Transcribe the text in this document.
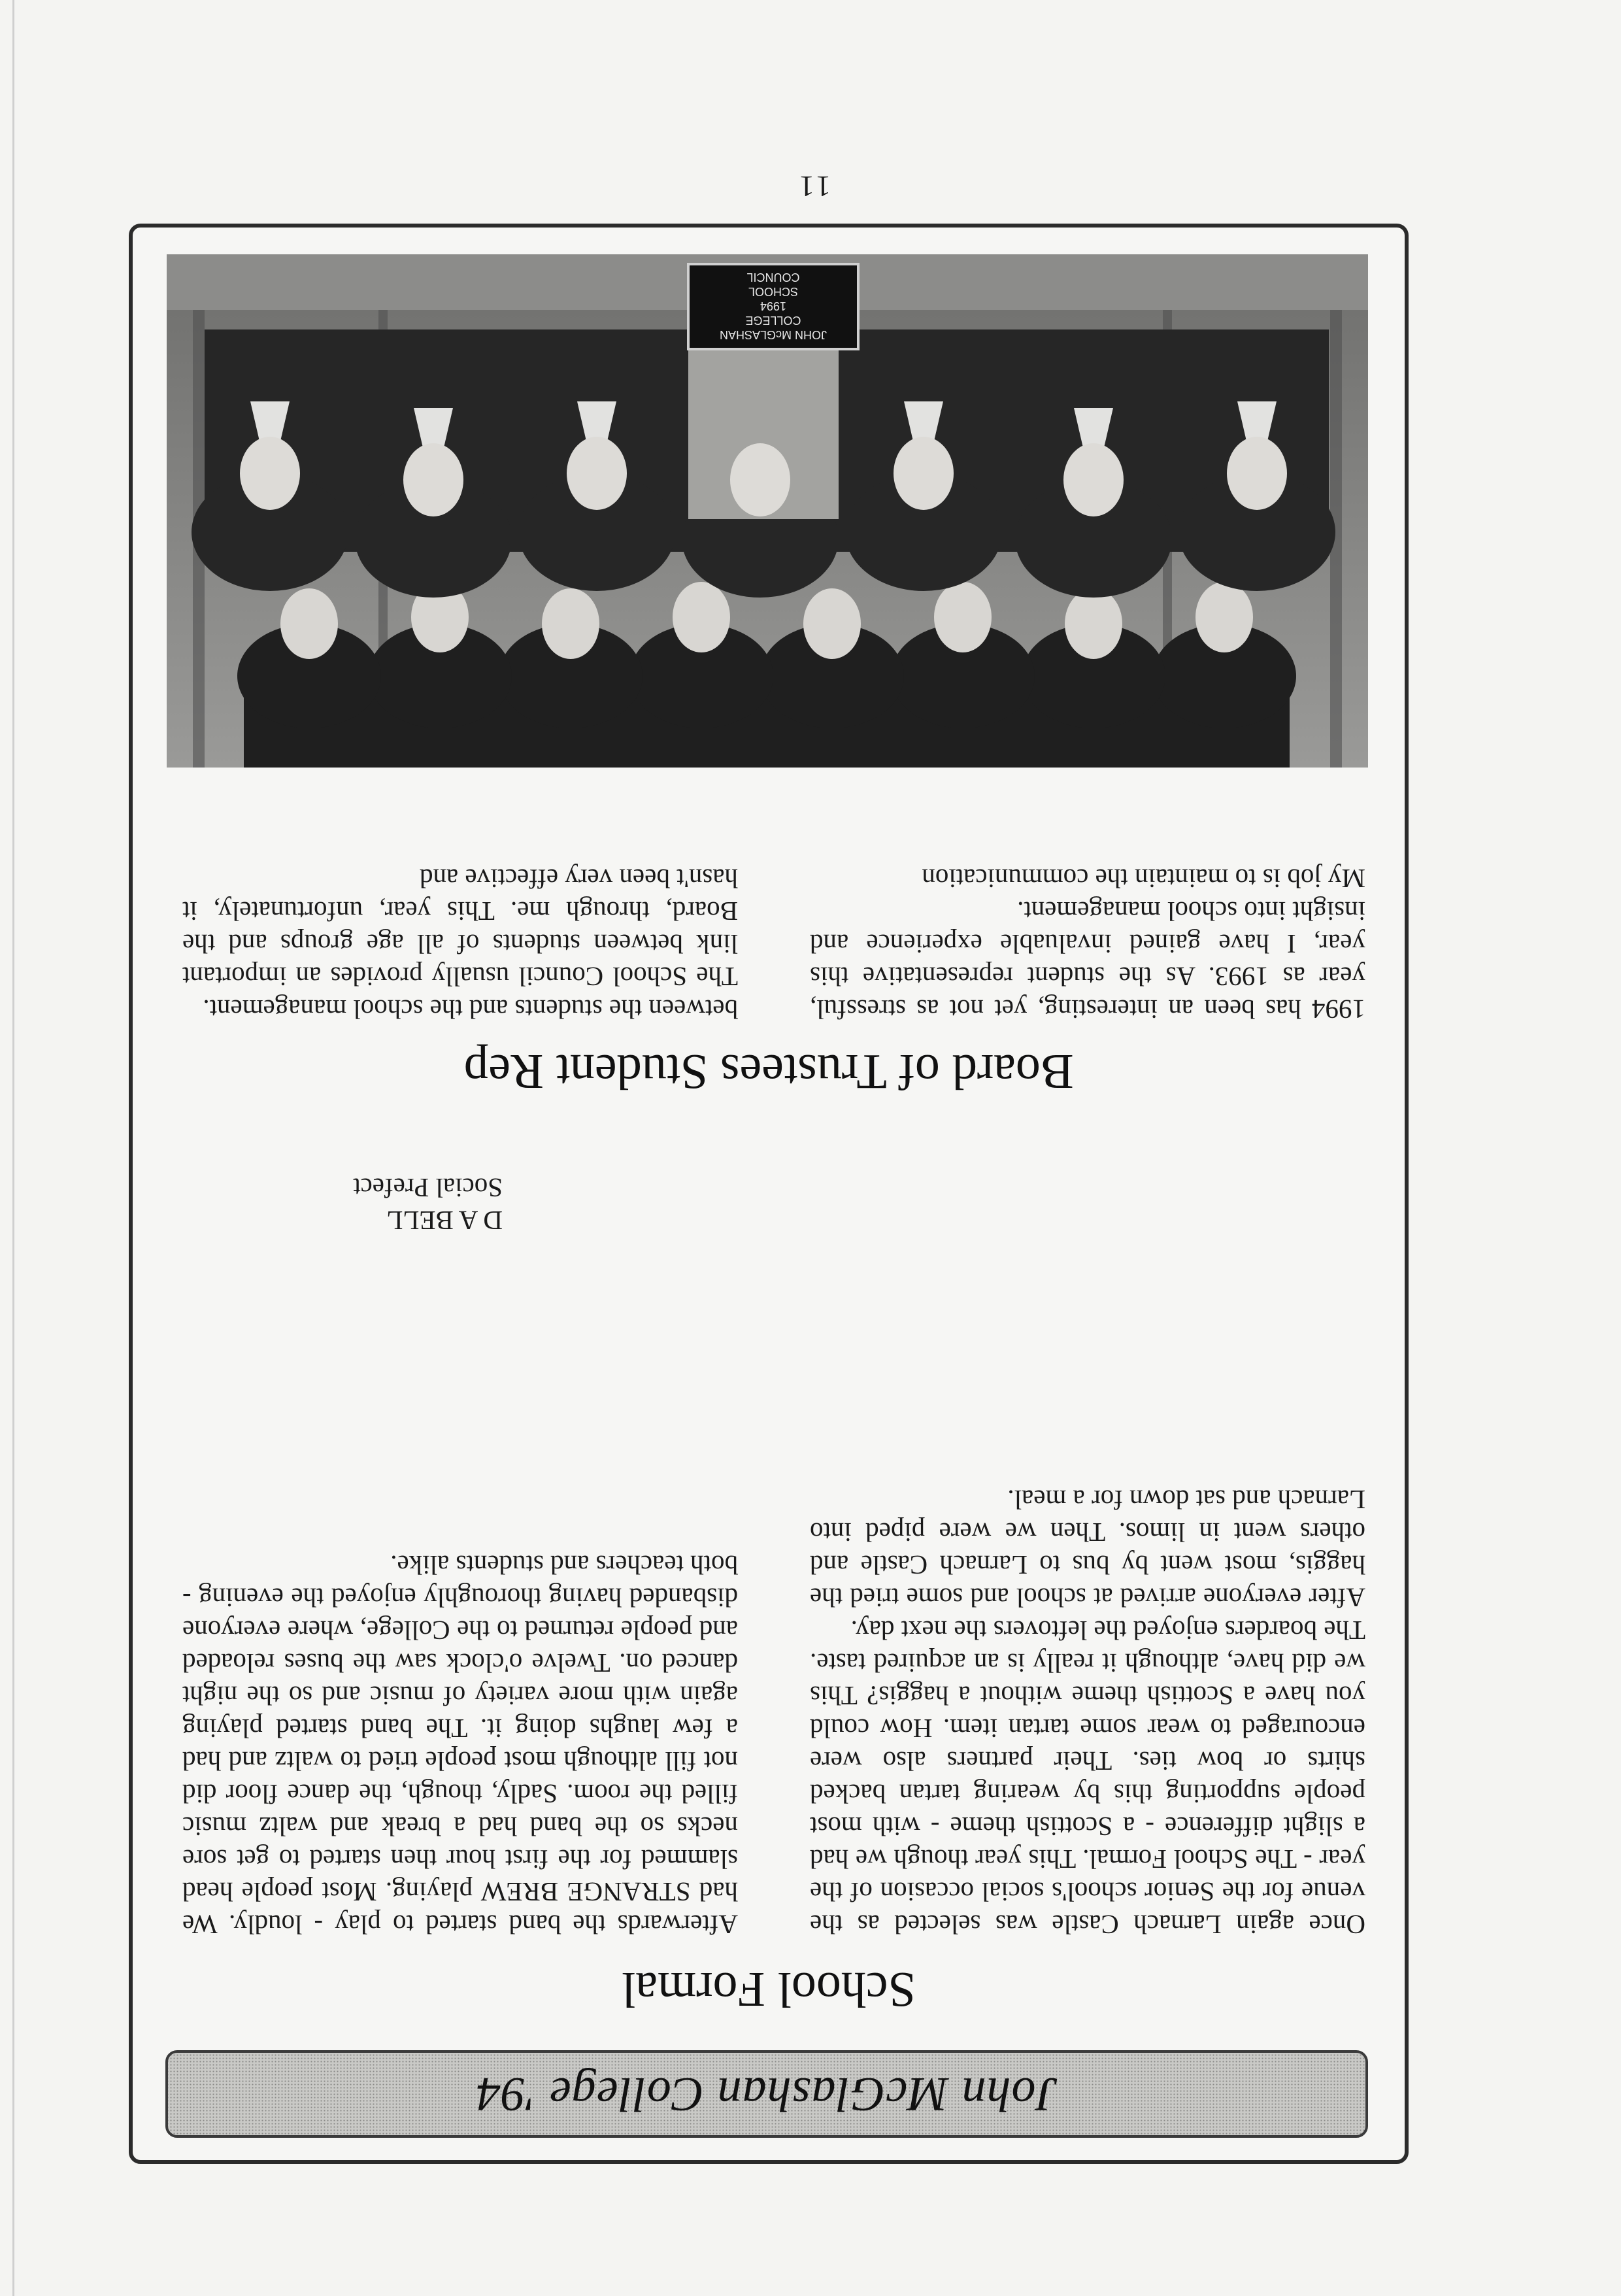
11
John McGlashan College '94
School Formal

Once again Larnach Castle was selected as the venue for the Senior school's social occasion of the year - The School Formal. This year though we had a slight difference - a Scottish theme - with most people supporting this by wearing tartan backed shirts or bow ties. Their partners also were encouraged to wear some tartan item. How could you have a Scottish theme without a haggis? This we did have, although it really is an acquired taste. The boarders enjoyed the leftovers the next day.

After everyone arrived at school and some tried the haggis, most went by bus to Larnach Castle and others went in limos. Then we were piped into Larnach and sat down for a meal.

Afterwards the band started to play - loudly. We had STRANGE BREW playing. Most people head slammed for the first hour then started to get sore necks so the band had a break and waltz music filled the room. Sadly, though, the dance floor did not fill although most people tried to waltz and had a few laughs doing it. The band started playing again with more variety of music and so the night danced on. Twelve o'clock saw the buses reloaded and people returned to the College, where everyone disbanded having thoroughly enjoyed the evening - both teachers and students alike.

D A BELL
Social Prefect
Board of Trustees Student Rep

1994 has been an interesting, yet not as stressful, year as 1993. As the student representative this year, I have gained invaluable experience and insight into school management.

My job is to maintain the communication

between the students and the school management.

The School Council usually provides an important link between students of all age groups and the Board, through me. This year, unfortunately, it hasn't been very effective and

JOHN McGLASHAN
COLLEGE
1994
SCHOOL
COUNCIL
